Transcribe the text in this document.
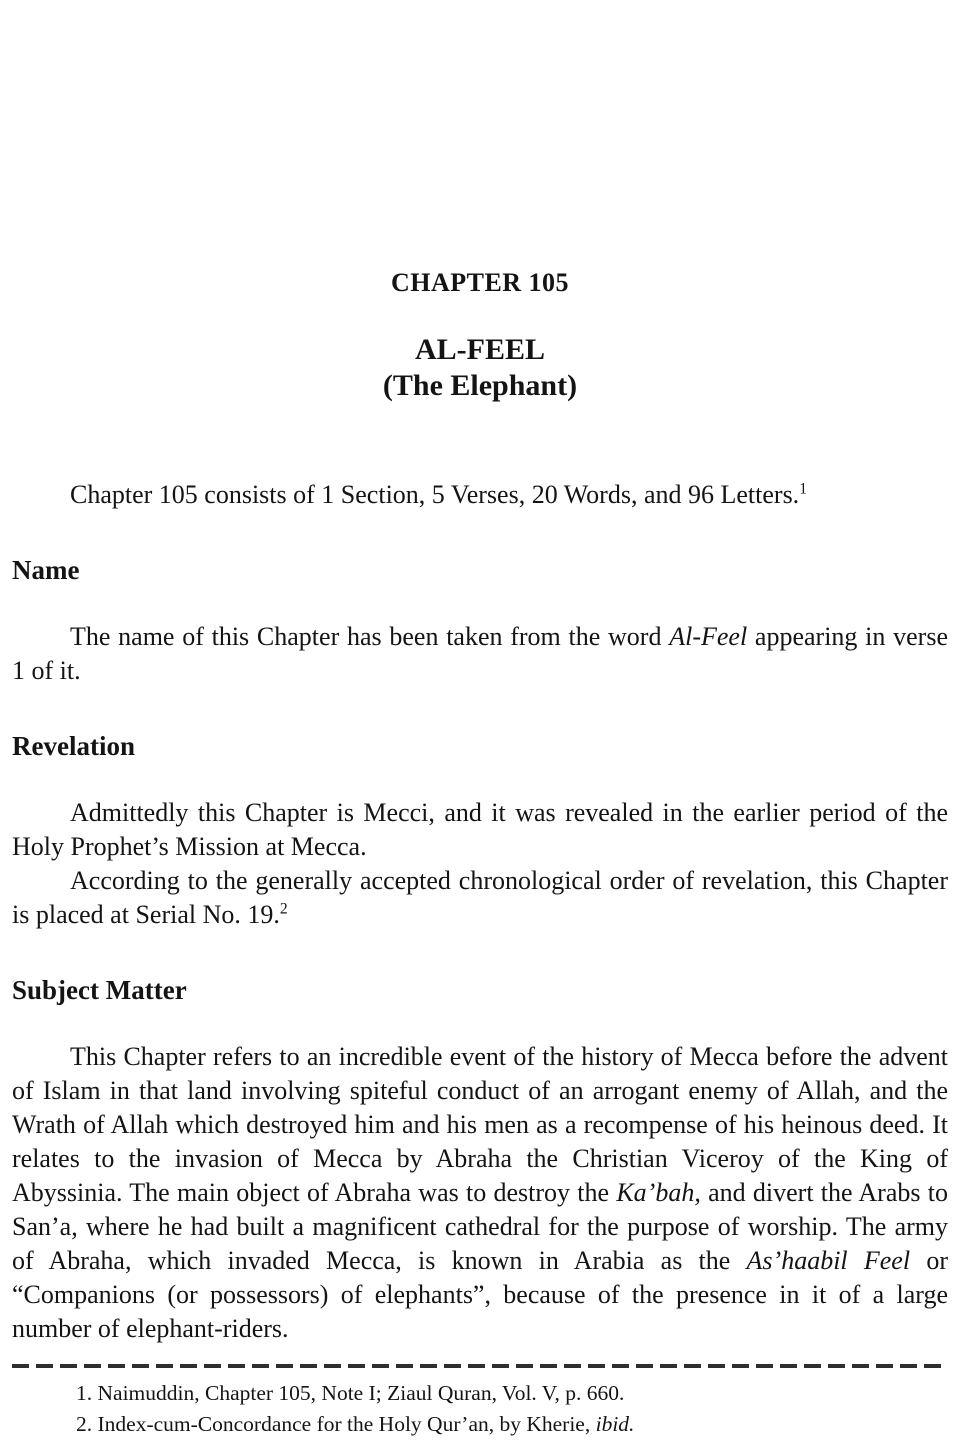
CHAPTER 105
AL-FEEL
(The Elephant)

Chapter 105 consists of 1 Section, 5 Verses, 20 Words, and 96 Letters.$^1$

Name

The name of this Chapter has been taken from the word Al-Feel appearing in verse 1 of it.

Revelation

Admittedly this Chapter is Mecci, and it was revealed in the earlier period of the Holy Prophet’s Mission at Mecca.

According to the generally accepted chronological order of revelation, this Chapter is placed at Serial No. 19.$^2$

Subject Matter

This Chapter refers to an incredible event of the history of Mecca before the advent of Islam in that land involving spiteful conduct of an arrogant enemy of Allah, and the Wrath of Allah which destroyed him and his men as a recompense of his heinous deed. It relates to the invasion of Mecca by Abraha the Christian Viceroy of the King of Abyssinia. The main object of Abraha was to destroy the Ka’bah, and divert the Arabs to San’a, where he had built a magnificent cathedral for the purpose of worship. The army of Abraha, which invaded Mecca, is known in Arabia as the As’haabil Feel or “Companions (or possessors) of elephants”, because of the presence in it of a large number of elephant-riders.

1. Naimuddin, Chapter 105, Note I; Ziaul Quran, Vol. V, p. 660.

2. Index-cum-Concordance for the Holy Qur’an, by Kherie, ibid.
